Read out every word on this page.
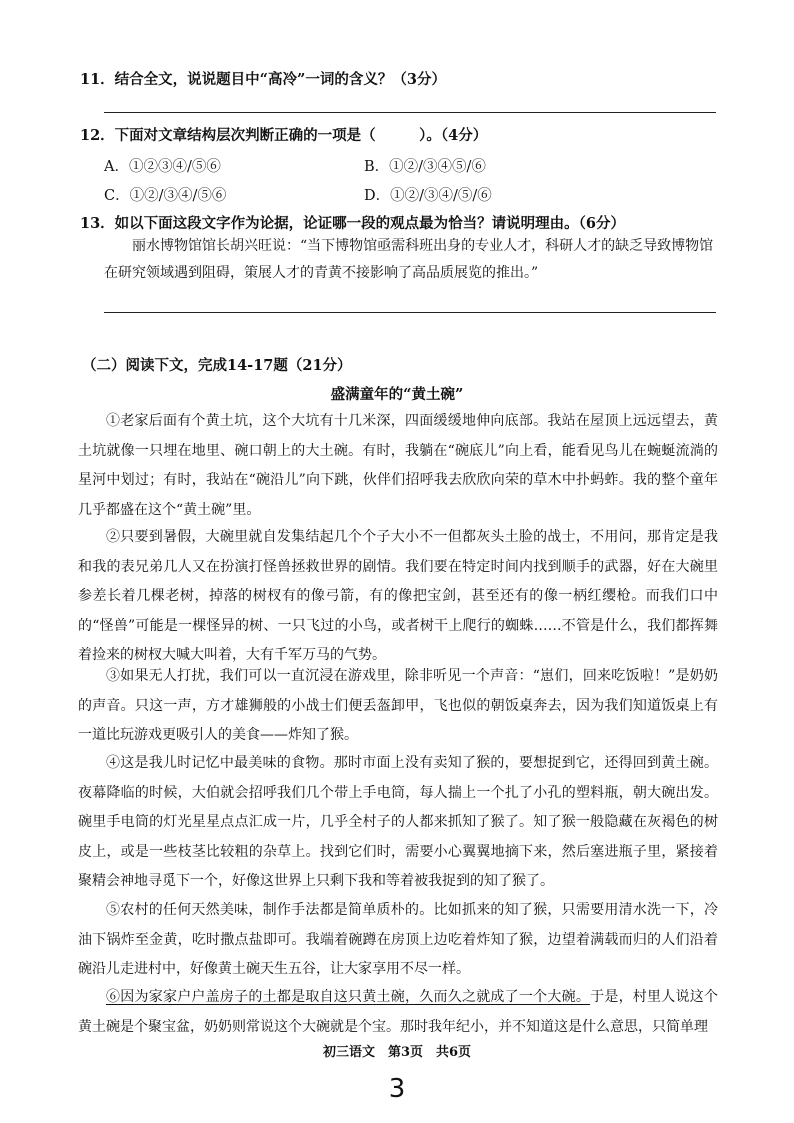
11．结合全文，说说题目中“高冷”一词的含义？（3分）
12．下面对文章结构层次判断正确的一项是（　　　）。（4分）
A．①②③④/⑤⑥	B．①②/③④⑤/⑥
C．①②/③④/⑤⑥	D．①②/③④/⑤/⑥
13．如以下面这段文字作为论据，论证哪一段的观点最为恰当？请说明理由。（6分）
丽水博物馆馆长胡兴旺说：“当下博物馆亟需科班出身的专业人才，科研人才的缺乏导致博物馆在研究领域遇到阻碍，策展人才的青黄不接影响了高品质展览的推出。”
（二）阅读下文，完成14-17题（21分）
盛满童年的“黄土碗”
①老家后面有个黄土坑，这个大坑有十几米深，四面缓缓地伸向底部。我站在屋顶上远远望去，黄土坑就像一只埋在地里、碗口朝上的大土碗。有时，我躺在“碗底儿”向上看，能看见鸟儿在蜿蜒流淌的星河中划过；有时，我站在“碗沿儿”向下跳，伙伴们招呼我去欣欣向荣的草木中扑蚂蚱。我的整个童年几乎都盛在这个“黄土碗”里。
②只要到暑假，大碗里就自发集结起几个个子大小不一但都灰头土脸的战士，不用问，那肯定是我和我的表兄弟几人又在扮演打怪兽拯救世界的剧情。我们要在特定时间内找到顺手的武器，好在大碗里参差长着几棵老树，掉落的树杈有的像弓箭，有的像把宝剑，甚至还有的像一柄红缨枪。而我们口中的“怪兽”可能是一棵怪异的树、一只飞过的小鸟，或者树干上爬行的蜘蛛……不管是什么，我们都挥舞着捡来的树杈大喊大叫着，大有千军万马的气势。
③如果无人打扰，我们可以一直沉浸在游戏里，除非听见一个声音：“崽们，回来吃饭啦！”是奶奶的声音。只这一声，方才雄狮般的小战士们便丢盔卸甲，飞也似的朝饭桌奔去，因为我们知道饭桌上有一道比玩游戏更吸引人的美食——炸知了猴。
④这是我儿时记忆中最美味的食物。那时市面上没有卖知了猴的，要想捉到它，还得回到黄土碗。夜幕降临的时候，大伯就会招呼我们几个带上手电筒，每人揣上一个扎了小孔的塑料瓶，朝大碗出发。碗里手电筒的灯光星星点点汇成一片，几乎全村子的人都来抓知了猴了。知了猴一般隐藏在灰褐色的树皮上，或是一些枝茎比较粗的杂草上。找到它们时，需要小心翼翼地摘下来，然后塞进瓶子里，紧接着聚精会神地寻觅下一个，好像这世界上只剩下我和等着被我捉到的知了猴了。
⑤农村的任何天然美味，制作手法都是简单质朴的。比如抓来的知了猴，只需要用清水洗一下，冷油下锅炸至金黄，吃时撒点盐即可。我端着碗蹲在房顶上边吃着炸知了猴，边望着满载而归的人们沿着碗沿儿走进村中，好像黄土碗天生五谷，让大家享用不尽一样。
⑥因为家家户户盖房子的土都是取自这只黄土碗，久而久之就成了一个大碗。于是，村里人说这个黄土碗是个聚宝盆，奶奶则常说这个大碗就是个宝。那时我年纪小，并不知道这是什么意思，只简单理
初三语文　第3页　共6页
3
